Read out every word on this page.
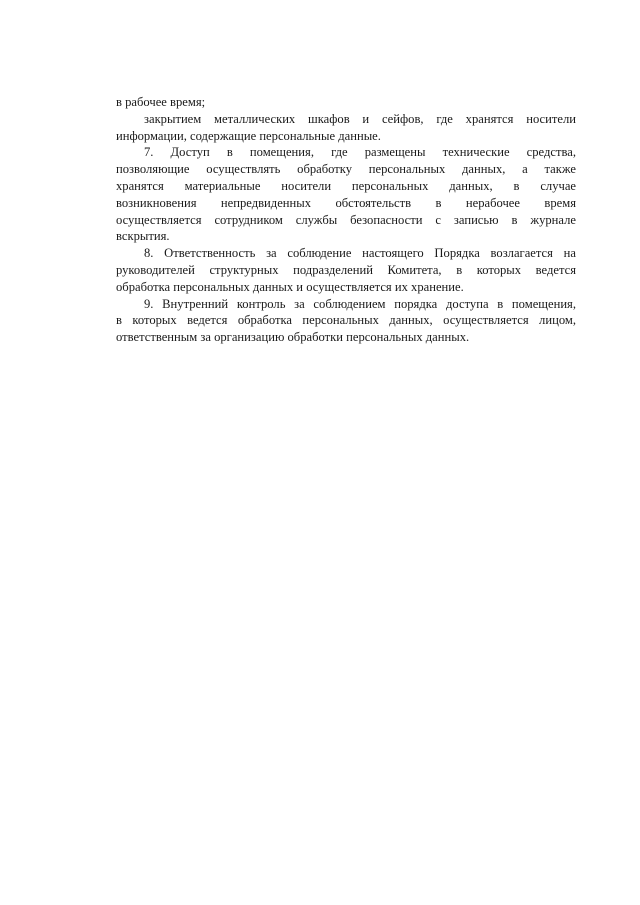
в рабочее время;
закрытием металлических шкафов и сейфов, где хранятся носители
информации, содержащие персональные данные.
7. Доступ в помещения, где размещены технические средства,
позволяющие осуществлять обработку персональных данных, а также
хранятся материальные носители персональных данных, в случае
возникновения непредвиденных обстоятельств в нерабочее время
осуществляется сотрудником службы безопасности с записью в журнале
вскрытия.
8. Ответственность за соблюдение настоящего Порядка возлагается на
руководителей структурных подразделений Комитета, в которых ведется
обработка персональных данных и осуществляется их хранение.
9. Внутренний контроль за соблюдением порядка доступа в помещения,
в которых ведется обработка персональных данных, осуществляется лицом,
ответственным за организацию обработки персональных данных.
